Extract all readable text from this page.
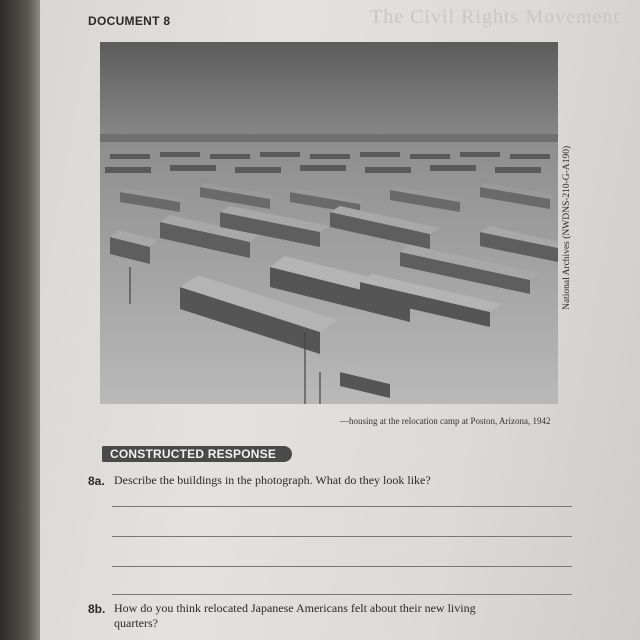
The Civil Rights Movement
DOCUMENT 8
National Archives (NWDNS-210-G-A190)
—housing at the relocation camp at Poston, Arizona, 1942
CONSTRUCTED RESPONSE
8a. Describe the buildings in the photograph. What do they look like?
8b. How do you think relocated Japanese Americans felt about their new living quarters?
